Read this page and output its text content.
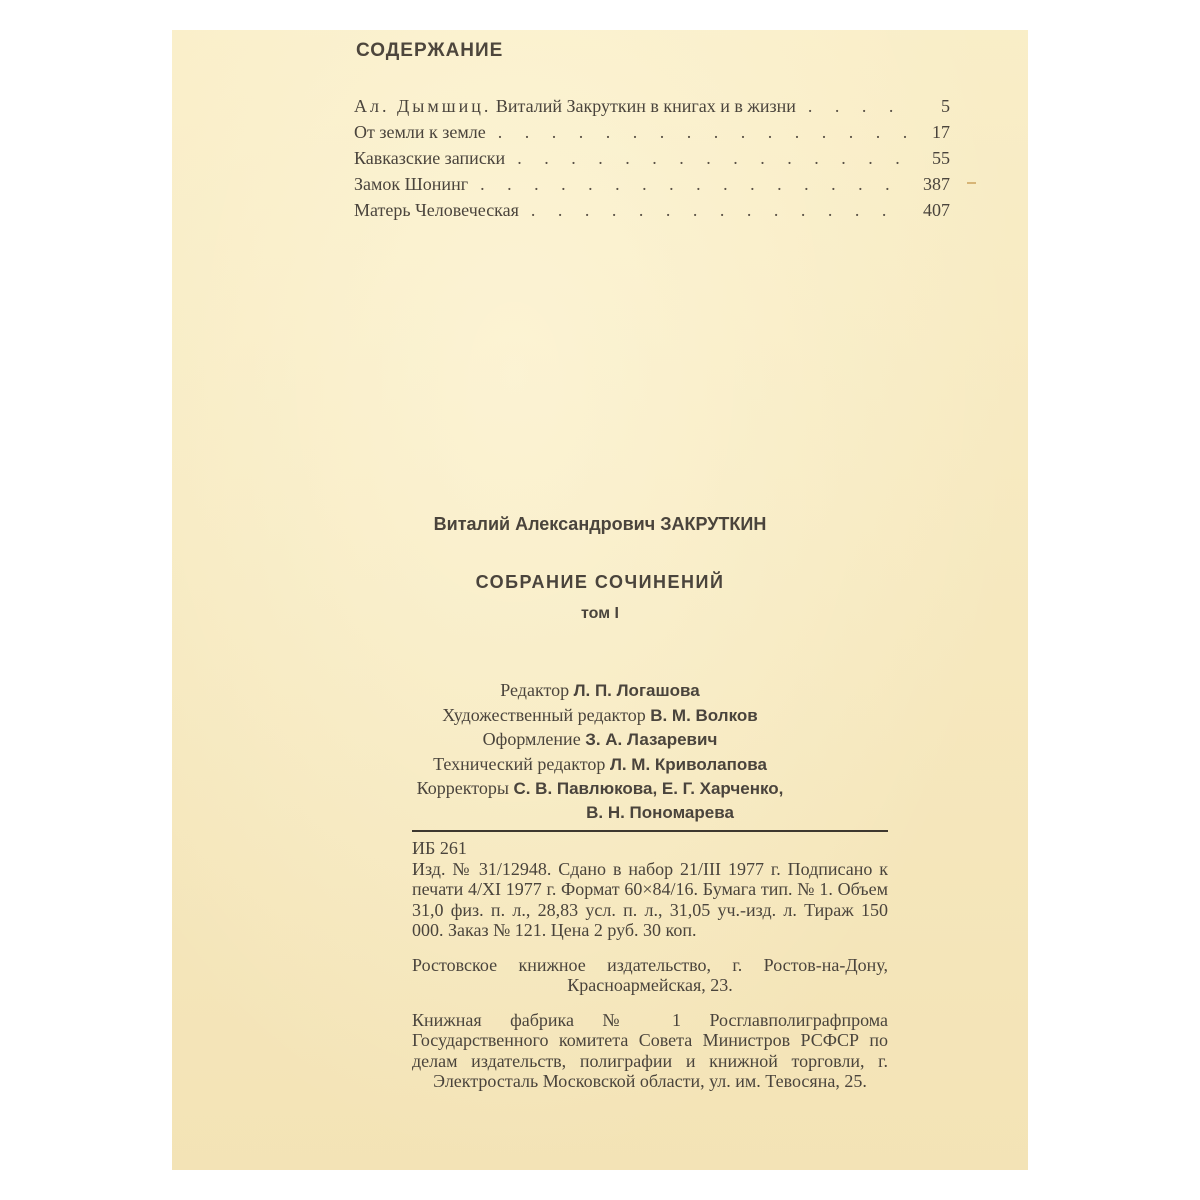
СОДЕРЖАНИЕ
Ал. Дымшиц. Виталий Закруткин в книгах и в жизни . . .	5
От земли к земле . . .	17
Кавказские записки . . .	55
Замок Шонинг . . .	387
Матерь Человеческая . . .	407
Виталий Александрович ЗАКРУТКИН
СОБРАНИЕ СОЧИНЕНИЙ
том I
Редактор Л. П. Логашова
Художественный редактор В. М. Волков
Оформление З. А. Лазаревич
Технический редактор Л. М. Криволапова
Корректоры С. В. Павлюкова, Е. Г. Харченко,
В. Н. Пономарева

ИБ 261

Изд. № 31/12948. Сдано в набор 21/III 1977 г. Подписано к печати 4/XI 1977 г. Формат 60×84/16. Бумага тип. № 1. Объем 31,0 физ. п. л., 28,83 усл. п. л., 31,05 уч.-изд. л. Тираж 150 000. Заказ № 121. Цена 2 руб. 30 коп.

Ростовское книжное издательство, г. Ростов-на-Дону, Красноармейская, 23.

Книжная фабрика № 1 Росглавполиграфпрома Государственного комитета Совета Министров РСФСР по делам издательств, полиграфии и книжной торговли, г. Электросталь Московской области, ул. им. Тевосяна, 25.
